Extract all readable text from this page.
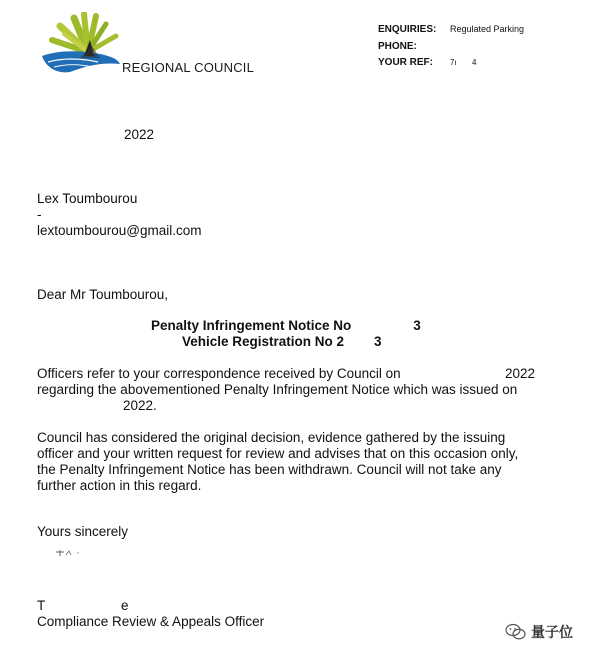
REGIONAL COUNCIL
ENQUIRIES:	Regulated Parking
PHONE:
YOUR REF:	7ı 4
2022
Lex Toumbourou
-
lextoumbourou@gmail.com
Dear Mr Toumbourou,
Penalty Infringement Notice No	3
Vehicle Registration No 2 3
Officers refer to your correspondence received by Council on	2022
regarding the abovementioned Penalty Infringement Notice which was issued on
2022.
Council has considered the original decision, evidence gathered by the issuing
officer and your written request for review and advises that on this occasion only,
the Penalty Infringement Notice has been withdrawn. Council will not take any
further action in this regard.
Yours sincerely
T	e
Compliance Review & Appeals Officer
量子位
